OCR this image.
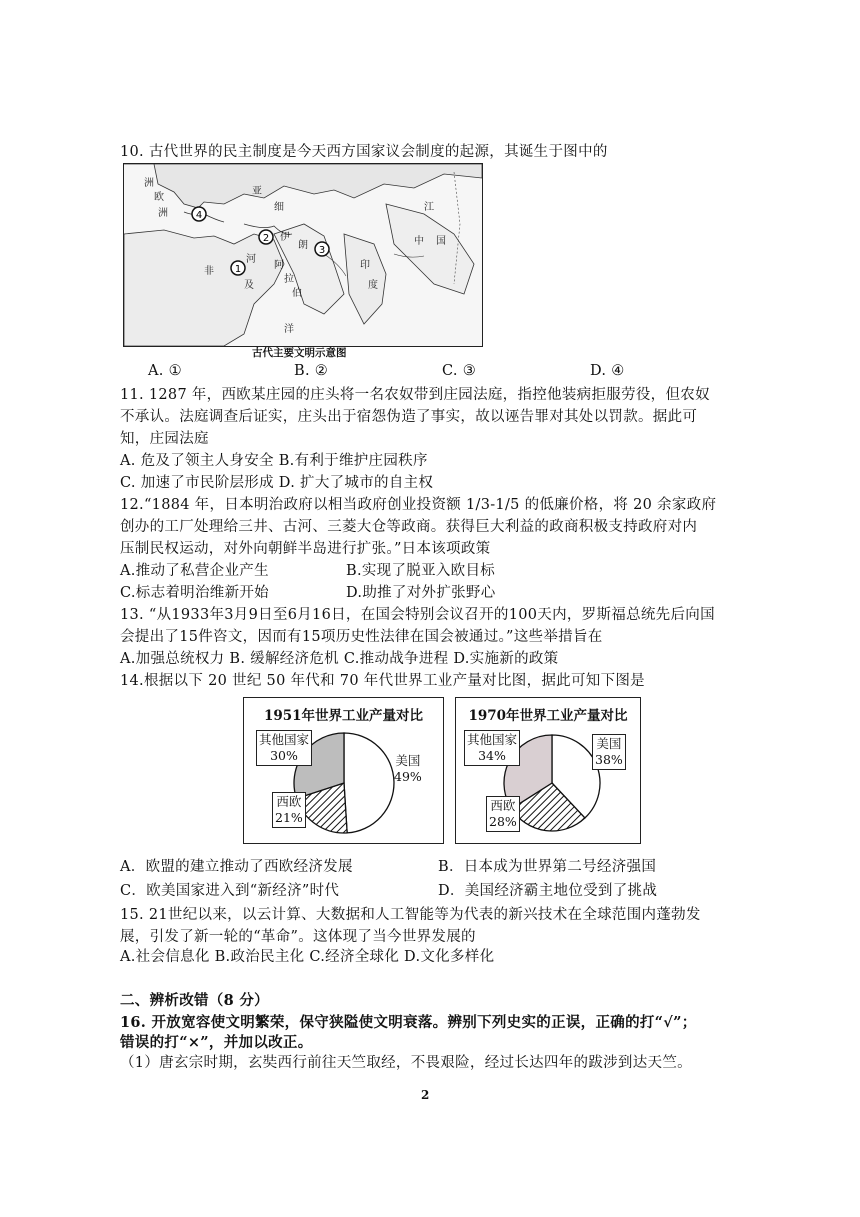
10. 古代世界的民主制度是今天西方国家议会制度的起源，其诞生于图中的
1
2
3
4
洲
欧
洲
亚
细
伊
朗
江
中 国
非
及
河
印
度
阿
拉
伯
洋
古代主要文明示意图
A. ①	B. ②	C. ③	D. ④
11. 1287 年，西欧某庄园的庄头将一名农奴带到庄园法庭，指控他装病拒服劳役，但农奴
不承认。法庭调查后证实，庄头出于宿怨伪造了事实，故以诬告罪对其处以罚款。据此可
知，庄园法庭
A. 危及了领主人身安全 B.有利于维护庄园秩序
C. 加速了市民阶层形成 D. 扩大了城市的自主权
12.“1884 年，日本明治政府以相当政府创业投资额 1/3-1/5 的低廉价格，将 20 余家政府
创办的工厂处理给三井、古河、三菱大仓等政商。获得巨大利益的政商积极支持政府对内
压制民权运动，对外向朝鲜半岛进行扩张。”日本该项政策
A.推动了私营企业产生	B.实现了脱亚入欧目标
C.标志着明治维新开始	D.助推了对外扩张野心
13. “从1933年3月9日至6月16日，在国会特别会议召开的100天内，罗斯福总统先后向国
会提出了15件咨文，因而有15项历史性法律在国会被通过。”这些举措旨在
A.加强总统权力 B. 缓解经济危机 C.推动战争进程 D.实施新的政策
14.根据以下 20 世纪 50 年代和 70 年代世界工业产量对比图，据此可知下图是
1951年世界工业产量对比
其他国家
30%	美国
49%
西欧
21%
1970年世界工业产量对比
其他国家
34%
美国
38%
西欧
28%
A．欧盟的建立推动了西欧经济发展	B．日本成为世界第二号经济强国
C．欧美国家进入到“新经济”时代	D．美国经济霸主地位受到了挑战
15. 21世纪以来，以云计算、大数据和人工智能等为代表的新兴技术在全球范围内蓬勃发
展，引发了新一轮的“革命”。这体现了当今世界发展的
A.社会信息化 B.政治民主化 C.经济全球化 D.文化多样化
二、辨析改错（8 分）
16. 开放宽容使文明繁荣，保守狭隘使文明衰落。辨别下列史实的正误，正确的打“√”；
错误的打“×”，并加以改正。
（1）唐玄宗时期，玄奘西行前往天竺取经，不畏艰险，经过长达四年的跋涉到达天竺。
2
